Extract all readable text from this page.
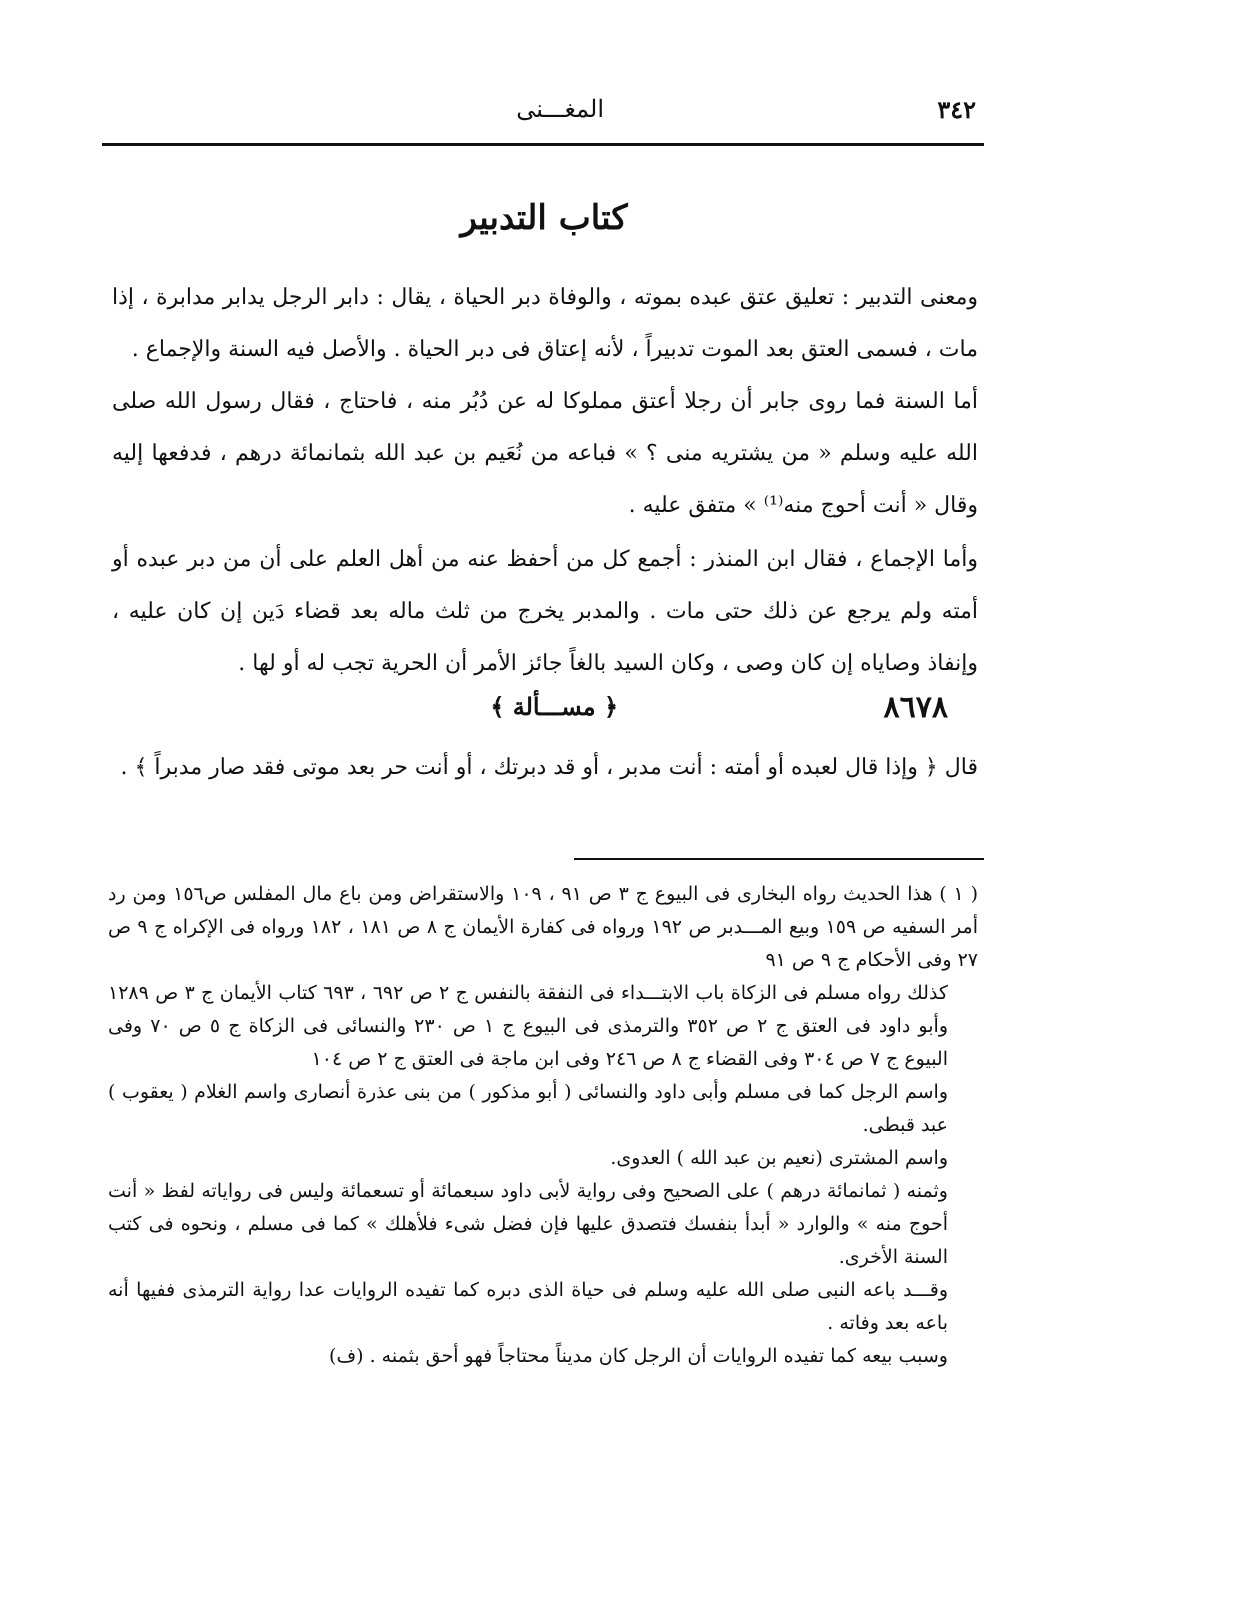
٣٤٢
المغـــنى
كتاب التدبير

ومعنى التدبير : تعليق عتق عبده بموته ، والوفاة دبر الحياة ، يقال : دابر الرجل يدابر مدابرة ، إذا مات ، فسمى العتق بعد الموت تدبيراً ، لأنه إعتاق فى دبر الحياة . والأصل فيه السنة والإجماع .

أما السنة فما روى جابر أن رجلا أعتق مملوكا له عن دُبُر منه ، فاحتاج ، فقال رسول الله صلى الله عليه وسلم « من يشتريه منى ؟ » فباعه من نُعَيم بن عبد الله بثمانمائة درهم ، فدفعها إليه وقال « أنت أحوج منه⁽¹⁾ » متفق عليه .

وأما الإجماع ، فقال ابن المنذر : أجمع كل من أحفظ عنه من أهل العلم على أن من دبر عبده أو أمته ولم يرجع عن ذلك حتى مات . والمدبر يخرج من ثلث ماله بعد قضاء دَين إن كان عليه ، وإنفاذ وصاياه إن كان وصى ، وكان السيد بالغاً جائز الأمر أن الحرية تجب له أو لها .

٨٦٧٨
﴿ مســـألة ﴾

قال ﴿ وإذا قال لعبده أو أمته : أنت مدبر ، أو قد دبرتك ، أو أنت حر بعد موتى فقد صار مدبراً ﴾ .

( ١ ) هذا الحديث رواه البخارى فى البيوع ج ٣ ص ٩١ ، ١٠٩ والاستقراض ومن باع مال المفلس ص١٥٦ ومن رد أمر السفيه ص ١٥٩ وبيع المـــدبر ص ١٩٢ ورواه فى كفارة الأيمان ج ٨ ص ١٨١ ، ١٨٢ ورواه فى الإكراه ج ٩ ص ٢٧ وفى الأحكام ج ٩ ص ٩١

كذلك رواه مسلم فى الزكاة باب الابتـــداء فى النفقة بالنفس ج ٢ ص ٦٩٢ ، ٦٩٣ كتاب الأيمان ج ٣ ص ١٢٨٩ وأبو داود فى العتق ج ٢ ص ٣٥٢ والترمذى فى البيوع ج ١ ص ٢٣٠ والنسائى فى الزكاة ج ٥ ص ٧٠ وفى البيوع ج ٧ ص ٣٠٤ وفى القضاء ج ٨ ص ٢٤٦ وفى ابن ماجة فى العتق ج ٢ ص ١٠٤

واسم الرجل كما فى مسلم وأبى داود والنسائى ( أبو مذكور ) من بنى عذرة أنصارى واسم الغلام ( يعقوب ) عبد قبطى.

واسم المشترى (نعيم بن عبد الله ) العدوى.

وثمنه ( ثمانمائة درهم ) على الصحيح وفى رواية لأبى داود سبعمائة أو تسعمائة وليس فى رواياته لفظ « أنت أحوج منه » والوارد « أبدأ بنفسك فتصدق عليها فإن فضل شىء فلأهلك » كما فى مسلم ، ونحوه فى كتب السنة الأخرى.

وقـــد باعه النبى صلى الله عليه وسلم فى حياة الذى دبره كما تفيده الروايات عدا رواية الترمذى ففيها أنه باعه بعد وفاته .

وسبب بيعه كما تفيده الروايات أن الرجل كان مديناً محتاجاً فهو أحق بثمنه . (ف)
